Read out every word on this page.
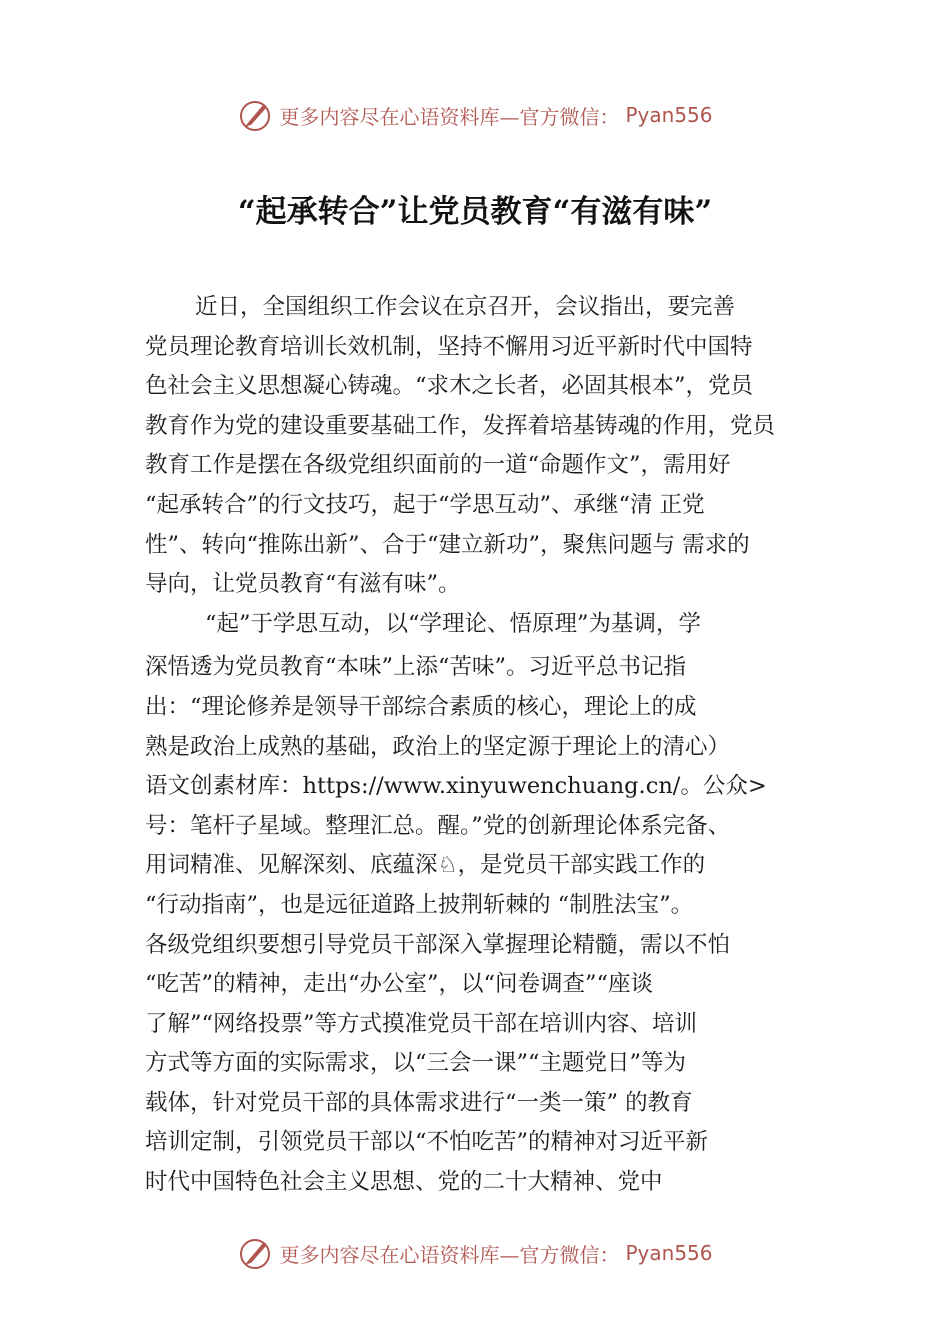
更多内容尽在心语资料库—官方微信： Pyan556
“起承转合”让党员教育“有滋有味”
近日，全国组织工作会议在京召开，会议指出，要完善
党员理论教育培训长效机制，坚持不懈用习近平新时代中国特
色社会主义思想凝心铸魂。“求木之长者，必固其根本”，党员
教育作为党的建设重要基础工作，发挥着培基铸魂的作用，党员
教育工作是摆在各级党组织面前的一道“命题作文”，需用好
“起承转合”的行文技巧，起于“学思互动”、承继“清 正党
性”、转向“推陈出新”、合于“建立新功”，聚焦问题与 需求的
导向，让党员教育“有滋有味”。
“起”于学思互动，以“学理论、悟原理”为基调，学
深悟透为党员教育“本味”上添“苦味”。习近平总书记指
出：“理论修养是领导干部综合素质的核心，理论上的成
熟是政治上成熟的基础，政治上的坚定源于理论上的清心）
语文创素材库：https://www.xinyuwenchuang.cn/。公众>
号：笔杆子星域。整理汇总。醒。”党的创新理论体系完备、
用词精准、见解深刻、底蕴深♘，是党员干部实践工作的
“行动指南”，也是远征道路上披荆斩棘的 “制胜法宝”。
各级党组织要想引导党员干部深入掌握理论精髓，需以不怕
“吃苦”的精神，走出“办公室”，以“问卷调查”“座谈
了解”“网络投票”等方式摸准党员干部在培训内容、培训
方式等方面的实际需求，以“三会一课”“主题党日”等为
载体，针对党员干部的具体需求进行“一类一策” 的教育
培训定制，引领党员干部以“不怕吃苦”的精神对习近平新
时代中国特色社会主义思想、党的二十大精神、党中
更多内容尽在心语资料库—官方微信： Pyan556
